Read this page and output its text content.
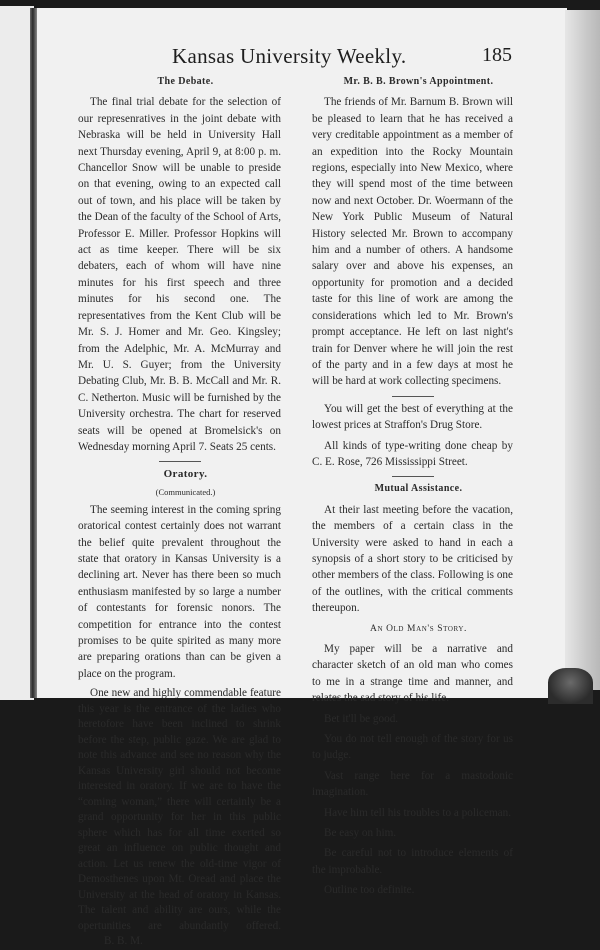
Kansas University Weekly.	185

The Debate.

The final trial debate for the selection of our represenratives in the joint debate with Nebraska will be held in University Hall next Thursday evening, April 9, at 8:00 p. m. Chancellor Snow will be unable to preside on that evening, owing to an expected call out of town, and his place will be taken by the Dean of the faculty of the School of Arts, Professor E. Miller. Professor Hopkins will act as time keeper. There will be six debaters, each of whom will have nine minutes for his first speech and three minutes for his second one. The representatives from the Kent Club will be Mr. S. J. Homer and Mr. Geo. Kingsley; from the Adelphic, Mr. A. McMurray and Mr. U. S. Guyer; from the University Debating Club, Mr. B. B. McCall and Mr. R. C. Netherton. Music will be furnished by the University orchestra. The chart for reserved seats will be opened at Bromelsick's on Wednesday morning April 7. Seats 25 cents.

Oratory.

(Communicated.)

The seeming interest in the coming spring oratorical contest certainly does not warrant the belief quite prevalent throughout the state that oratory in Kansas University is a declining art. Never has there been so much enthusiasm manifested by so large a number of contestants for forensic nonors. The competition for entrance into the contest promises to be quite spirited as many more are preparing orations than can be given a place on the program.

One new and highly commendable feature this year is the entrance of the ladies who heretofore have been inclined to shrink before the step, public gaze. We are glad to note this advance and see no reason why the Kansas University girl should not become interested in oratory. If we are to have the “coming woman,” there will certainly be a grand opportunity for her in this public sphere which has for all time exerted so great an influence on public thought and action. Let us renew the old-time vigor of Demosthenes upon Mt. Oread and place the University at the head of oratory in Kansas. The talent and ability are ours, while the opertunities are abundantly offered.B. B. M.

Mr. B. B. Brown's Appointment.

The friends of Mr. Barnum B. Brown will be pleased to learn that he has received a very creditable appointment as a member of an expedition into the Rocky Mountain regions, especially into New Mexico, where they will spend most of the time between now and next October. Dr. Woermann of the New York Public Museum of Natural History selected Mr. Brown to accompany him and a number of others. A handsome salary over and above his expenses, an opportunity for promotion and a decided taste for this line of work are among the considerations which led to Mr. Brown's prompt acceptance. He left on last night's train for Denver where he will join the rest of the party and in a few days at most he will be hard at work collecting specimens.

You will get the best of everything at the lowest prices at Straffon's Drug Store.

All kinds of type-writing done cheap by C. E. Rose, 726 Mississippi Street.

Mutual Assistance.

At their last meeting before the vacation, the members of a certain class in the University were asked to hand in each a synopsis of a short story to be criticised by other members of the class. Following is one of the outlines, with the critical comments thereupon.

An Old Man's Story.

My paper will be a narrative and character sketch of an old man who comes to me in a strange time and manner, and relates the sad story of his life.

Bet it'll be good.

You do not tell enough of the story for us to judge.

Vast range here for a mastodonic imagination.

Have him tell his troubles to a policeman.

Be easy on him.

Be careful not to introduce elements of the improbable.

Outline too definite.
